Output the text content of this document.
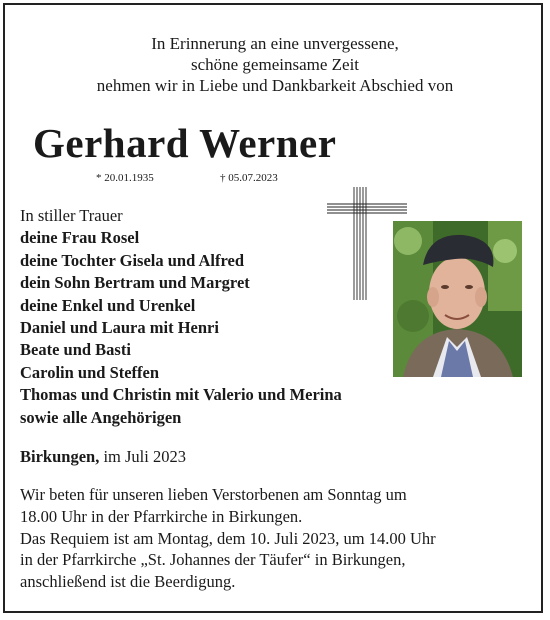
In Erinnerung an eine unvergessene,
schöne gemeinsame Zeit
nehmen wir in Liebe und Dankbarkeit Abschied von
Gerhard Werner
* 20.01.1935	† 05.07.2023
In stiller Trauer
deine Frau Rosel
deine Tochter Gisela und Alfred
dein Sohn Bertram und Margret
deine Enkel und Urenkel
Daniel und Laura mit Henri
Beate und Basti
Carolin und Steffen
Thomas und Christin mit Valerio und Merina
sowie alle Angehörigen
Birkungen, im Juli 2023
Wir beten für unseren lieben Verstorbenen am Sonntag um
18.00 Uhr in der Pfarrkirche in Birkungen.
Das Requiem ist am Montag, dem 10. Juli 2023, um 14.00 Uhr
in der Pfarrkirche „St. Johannes der Täufer“ in Birkungen,
anschließend ist die Beerdigung.
